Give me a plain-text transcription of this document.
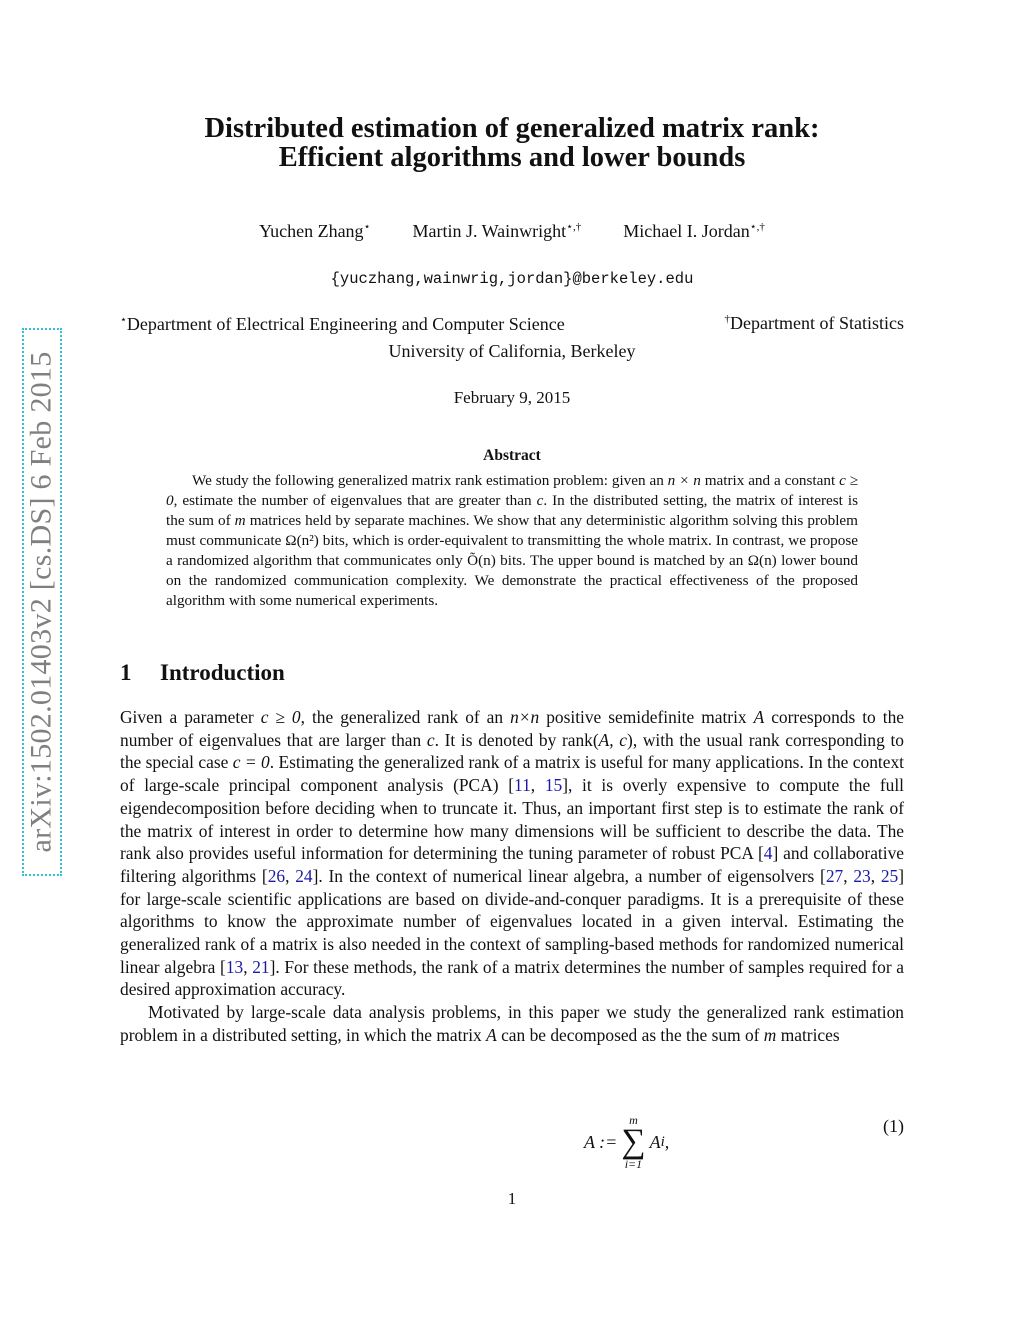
arXiv:1502.01403v2 [cs.DS] 6 Feb 2015
Distributed estimation of generalized matrix rank:
Efficient algorithms and lower bounds
Yuchen Zhang⋆ Martin J. Wainwright⋆,† Michael I. Jordan⋆,†
{yuczhang,wainwrig,jordan}@berkeley.edu
⋆Department of Electrical Engineering and Computer Science	†Department of Statistics
University of California, Berkeley
February 9, 2015
Abstract
We study the following generalized matrix rank estimation problem: given an n × n matrix and a constant c ≥ 0, estimate the number of eigenvalues that are greater than c. In the distributed setting, the matrix of interest is the sum of m matrices held by separate machines. We show that any deterministic algorithm solving this problem must communicate Ω(n²) bits, which is order-equivalent to transmitting the whole matrix. In contrast, we propose a randomized algorithm that communicates only Õ(n) bits. The upper bound is matched by an Ω(n) lower bound on the randomized communication complexity. We demonstrate the practical effectiveness of the proposed algorithm with some numerical experiments.
1 Introduction

Given a parameter c ≥ 0, the generalized rank of an n×n positive semidefinite matrix A corresponds to the number of eigenvalues that are larger than c. It is denoted by rank(A, c), with the usual rank corresponding to the special case c = 0. Estimating the generalized rank of a matrix is useful for many applications. In the context of large-scale principal component analysis (PCA) [11, 15], it is overly expensive to compute the full eigendecomposition before deciding when to truncate it. Thus, an important first step is to estimate the rank of the matrix of interest in order to determine how many dimensions will be sufficient to describe the data. The rank also provides useful information for determining the tuning parameter of robust PCA [4] and collaborative filtering algorithms [26, 24]. In the context of numerical linear algebra, a number of eigensolvers [27, 23, 25] for large-scale scientific applications are based on divide-and-conquer paradigms. It is a prerequisite of these algorithms to know the approximate number of eigenvalues located in a given interval. Estimating the generalized rank of a matrix is also needed in the context of sampling-based methods for randomized numerical linear algebra [13, 21]. For these methods, the rank of a matrix determines the number of samples required for a desired approximation accuracy.

Motivated by large-scale data analysis problems, in this paper we study the generalized rank estimation problem in a distributed setting, in which the matrix A can be decomposed as the the sum of m matrices

A :=
m
∑
i=1
A i ,
(1)
1
